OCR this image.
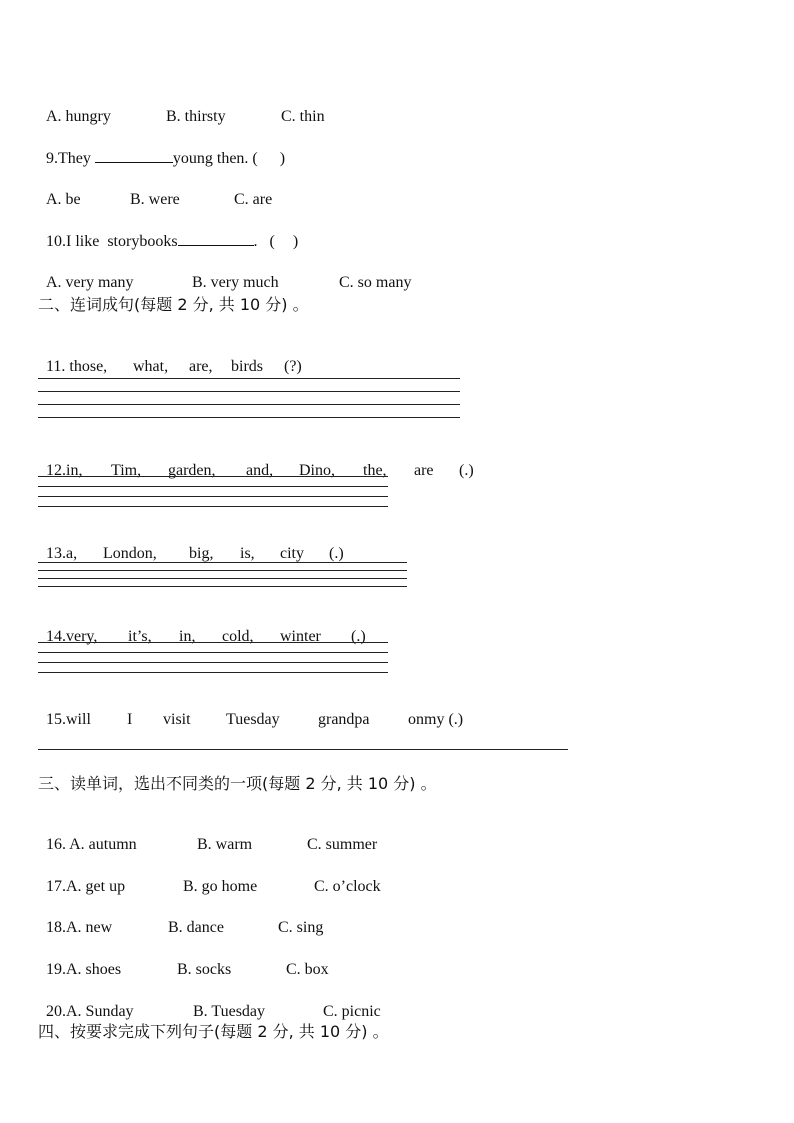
A. hungry	B. thirsty	C. thin

9.They	young then. ( )

A. be	B. were	C. are

10.I like  storybooks	.   ( )

A. very many	B. very much	C. so many

二、连词成句(每题 2 分, 共 10 分) 。

11. those, what, are, birds (?)

12.in, Tim, garden, and, Dino, the, are (.)

13.a, London, big, is, city (.)

14.very, it’s, in, cold, winter (.)

15.will I visit Tuesday grandpa onmy (.)

三、读单词，选出不同类的一项(每题 2 分, 共 10 分) 。

16. A. autumn	B. warm	C. summer

17.A. get up	B. go home	C. o’clock

18.A. new	B. dance	C. sing

19.A. shoes	B. socks	C. box

20.A. Sunday	B. Tuesday	C. picnic

四、按要求完成下列句子(每题 2 分, 共 10 分) 。
